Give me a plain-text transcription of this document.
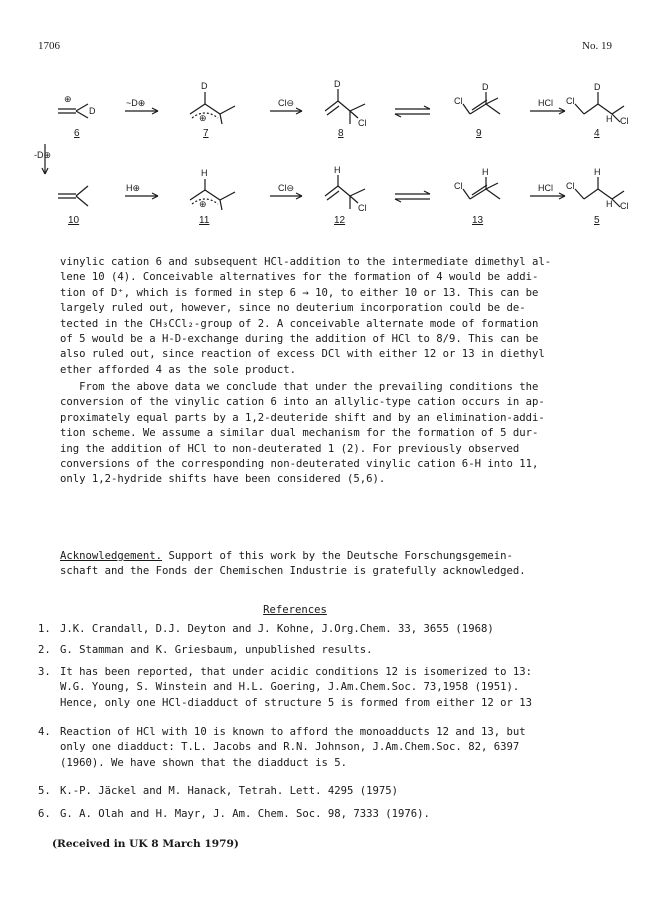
1706	No. 19
⊕
D
~D⊕
D
⊕
Cl⊖
D
Cl
Cl
D
HCl Cl
D
H Cl
-D⊕
H⊕
H
⊕
Cl⊖
H
Cl
Cl
H
HCl Cl
H
H Cl
6	7	8	9	4
10	11	12	13	5

vinylic cation 6 and subsequent HCl-addition to the intermediate dimethyl al-

lene 10 (4). Conceivable alternatives for the formation of 4 would be addi-

tion of D⁺, which is formed in step 6 → 10, to either 10 or 13. This can be

largely ruled out, however, since no deuterium incorporation could be de-

tected in the CH₃CCl₂-group of 2. A conceivable alternate mode of formation

of 5 would be a H-D-exchange during the addition of HCl to 8/9. This can be

also ruled out, since reaction of excess DCl with either 12 or 13 in diethyl

ether afforded 4 as the sole product.

From the above data we conclude that under the prevailing conditions the

conversion of the vinylic cation 6 into an allylic-type cation occurs in ap-

proximately equal parts by a 1,2-deuteride shift and by an elimination-addi-

tion scheme. We assume a similar dual mechanism for the formation of 5 dur-

ing the addition of HCl to non-deuterated 1 (2). For previously observed

conversions of the corresponding non-deuterated vinylic cation 6-H into 11,

only 1,2-hydride shifts have been considered (5,6).

Acknowledgement. Support of this work by the Deutsche Forschungsgemein-

schaft and the Fonds der Chemischen Industrie is gratefully acknowledged.

References
1. J.K. Crandall, D.J. Deyton and J. Kohne, J.Org.Chem. 33, 3655 (1968)
2. G. Stamman and K. Griesbaum, unpublished results.
3. It has been reported, that under acidic conditions 12 is isomerized to 13:
W.G. Young, S. Winstein and H.L. Goering, J.Am.Chem.Soc. 73,1958 (1951).
Hence, only one HCl-diadduct of structure 5 is formed from either 12 or 13
4. Reaction of HCl with 10 is known to afford the monoadducts 12 and 13, but
only one diadduct: T.L. Jacobs and R.N. Johnson, J.Am.Chem.Soc. 82, 6397
(1960). We have shown that the diadduct is 5.
5. K.-P. Jäckel and M. Hanack, Tetrah. Lett. 4295 (1975)
6. G. A. Olah and H. Mayr, J. Am. Chem. Soc. 98, 7333 (1976).
(Received in UK 8 March 1979)
